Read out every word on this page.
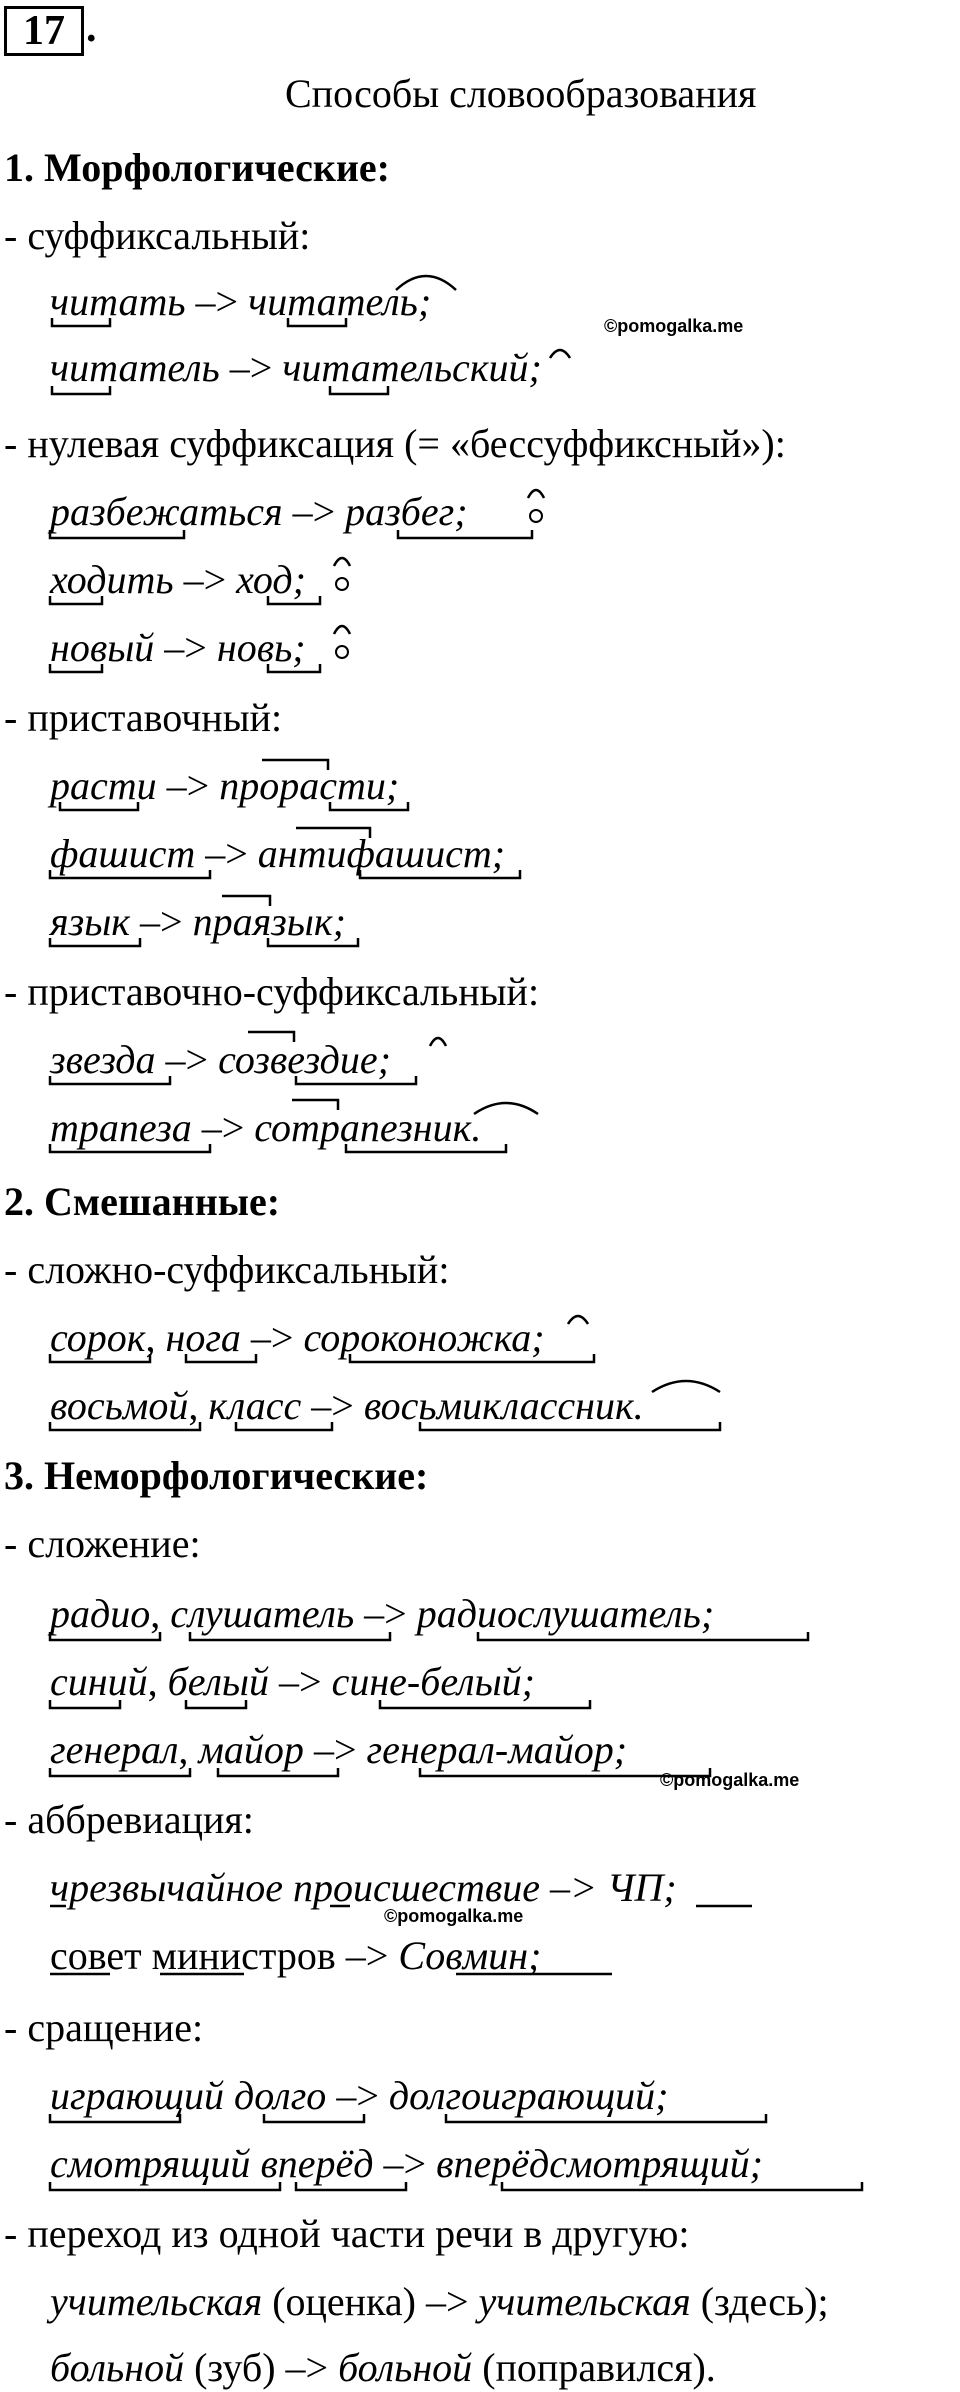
17 .
Способы словообразования
1. Морфологические:
- суффиксальный:
читать –> читатель;
читатель –> читательский;
- нулевая суффиксация (= «бессуффиксный»):
разбежаться –> разбег;
ходить –> ход;
новый –> новь;
- приставочный:
расти –> прорасти;
фашист –> антифашист;
язык –> праязык;
- приставочно-суффиксальный:
звезда –> созвездие;
трапеза –> сотрапезник.
2. Смешанные:
- сложно-суффиксальный:
сорок, нога –> сороконожка;
восьмой, класс –> восьмиклассник.
3. Неморфологические:
- сложение:
радио, слушатель –> радиослушатель;
синий, белый –> сине-белый;
генерал, майор –> генерал-майор;
- аббревиация:
чрезвычайное происшествие –> ЧП;
совет министров –> Совмин;
- сращение:
играющий долго –> долгоиграющий;
смотрящий вперёд –> вперёдсмотрящий;
- переход из одной части речи в другую:
учительская (оценка) –> учительская (здесь);
больной (зуб) –> больной (поправился).
©pomogalka.me
©pomogalka.me
©pomogalka.me
